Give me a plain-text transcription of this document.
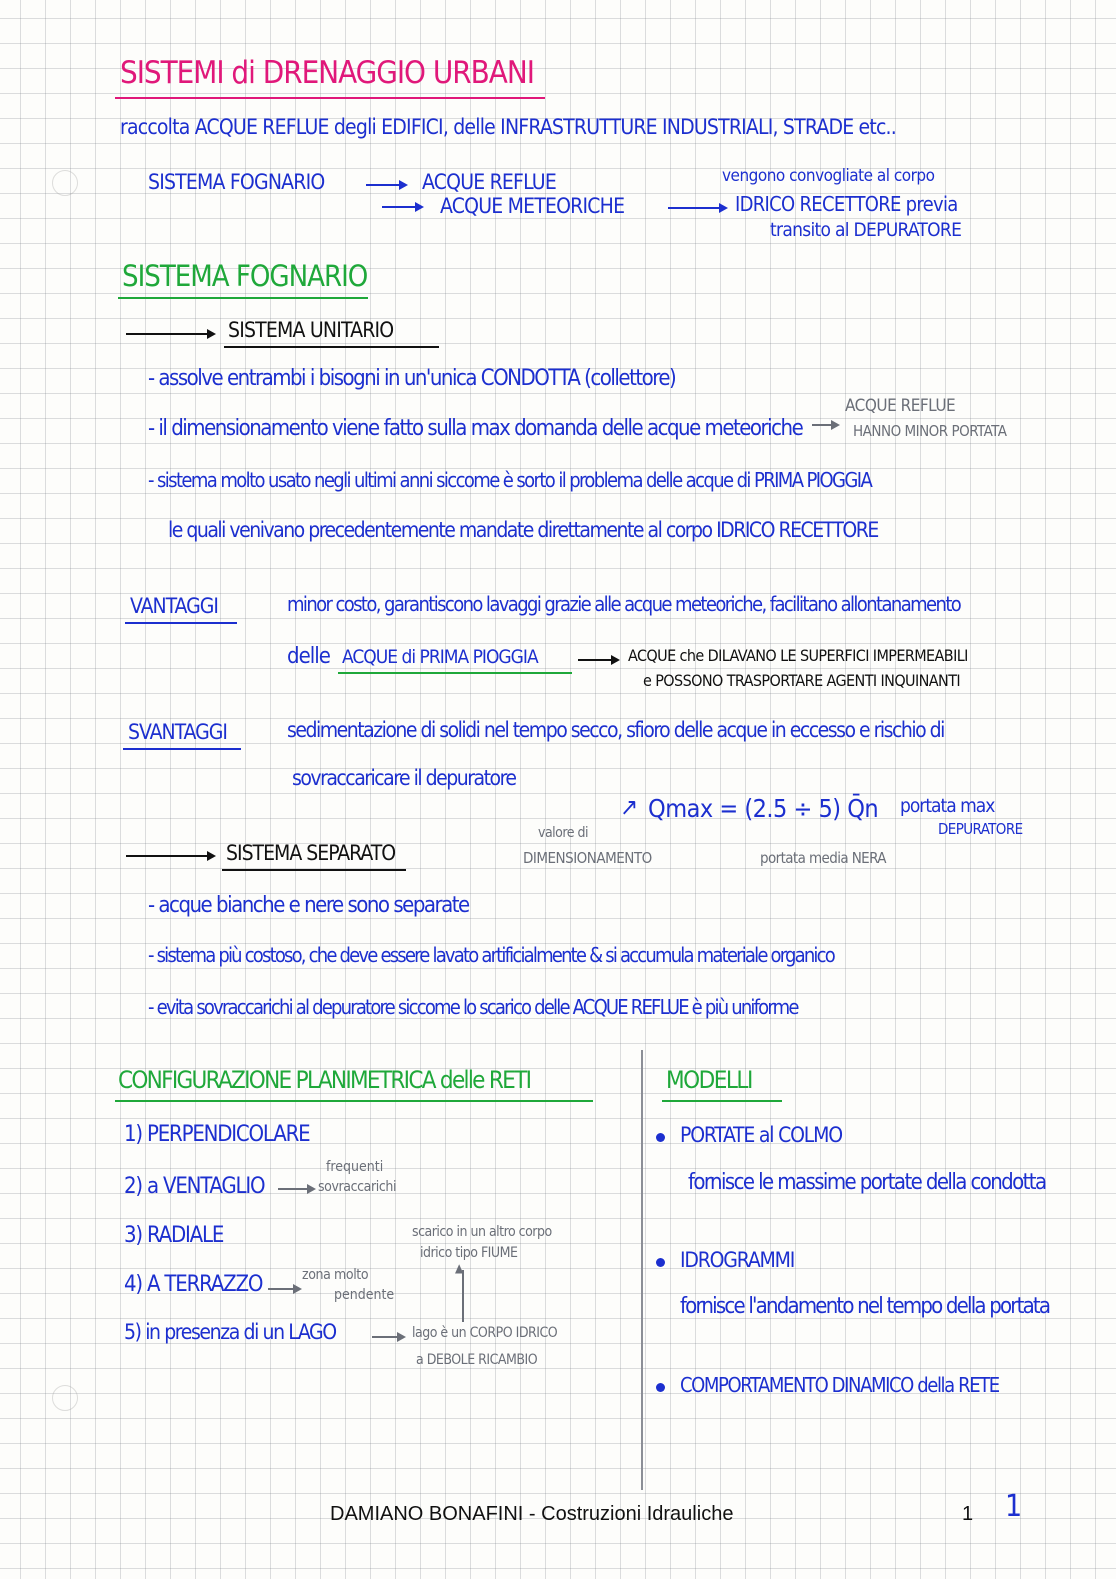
SISTEMI di DRENAGGIO URBANI
raccolta ACQUE REFLUE degli EDIFICI, delle INFRASTRUTTURE INDUSTRIALI, STRADE etc..
SISTEMA FOGNARIO	ACQUE REFLUE
ACQUE METEORICHE
vengono convogliate al corpo
IDRICO RECETTORE previa
transito al DEPURATORE
SISTEMA FOGNARIO
SISTEMA UNITARIO
- assolve entrambi i bisogni in un'unica CONDOTTA (collettore)
- il dimensionamento viene fatto sulla max domanda delle acque meteoriche
ACQUE REFLUE
HANNO MINOR PORTATA
- sistema molto usato negli ultimi anni siccome è sorto il problema delle acque di PRIMA PIOGGIA
le quali venivano precedentemente mandate direttamente al corpo IDRICO RECETTORE
VANTAGGI	minor costo, garantiscono lavaggi grazie alle acque meteoriche, facilitano allontanamento
delle ACQUE di PRIMA PIOGGIA	ACQUE che DILAVANO LE SUPERFICI IMPERMEABILI
e POSSONO TRASPORTARE AGENTI INQUINANTI
SVANTAGGI	sedimentazione di solidi nel tempo secco, sfioro delle acque in eccesso e rischio di
sovraccaricare il depuratore
valore di
DIMENSIONAMENTO
↗ Qmax = (2.5 ÷ 5) Q̄n portata max
DEPURATORE
portata media NERA
SISTEMA SEPARATO
- acque bianche e nere sono separate
- sistema più costoso, che deve essere lavato artificialmente & si accumula materiale organico
- evita sovraccarichi al depuratore siccome lo scarico delle ACQUE REFLUE è più uniforme
CONFIGURAZIONE PLANIMETRICA delle RETI
1) PERPENDICOLARE
2) a VENTAGLIO
frequenti
sovraccarichi
3) RADIALE
4) A TERRAZZO	zona molto
pendente
5) in presenza di un LAGO	lago è un CORPO IDRICO
a DEBOLE RICAMBIO
▲
scarico in un altro corpo
idrico tipo FIUME
MODELLI
PORTATE al COLMO
fornisce le massime portate della condotta
IDROGRAMMI
fornisce l'andamento nel tempo della portata
COMPORTAMENTO DINAMICO della RETE
DAMIANO BONAFINI - Costruzioni Idrauliche	1 1
